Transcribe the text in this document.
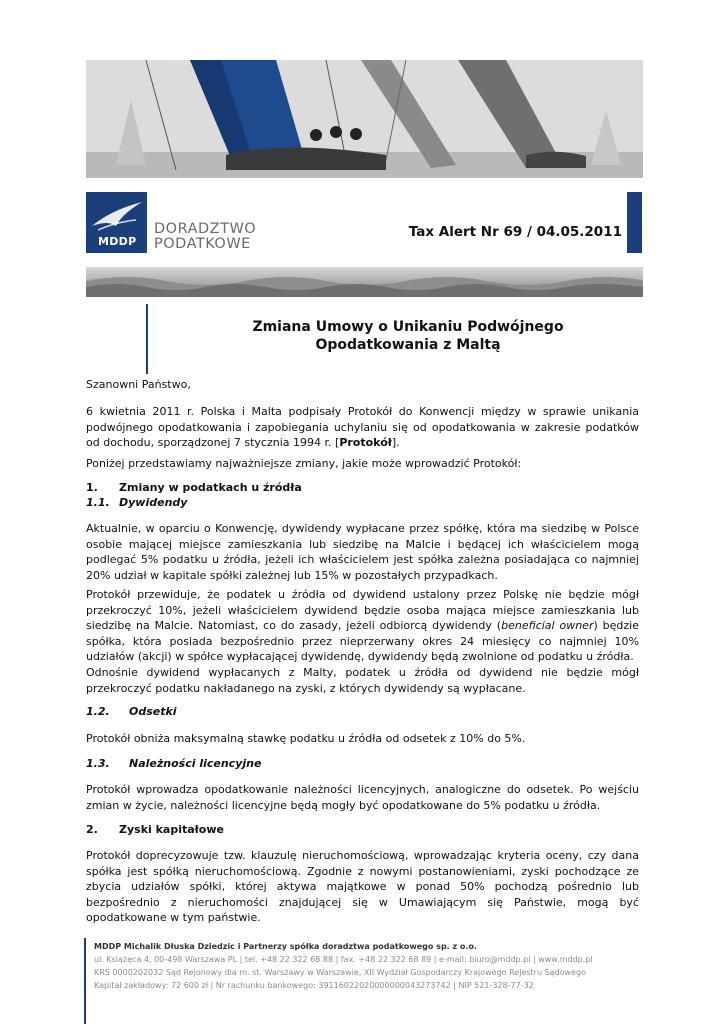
MDDP
DORADZTWO
PODATKOWE
Tax Alert Nr 69 / 04.05.2011
Zmiana Umowy o Unikaniu Podwójnego
Opodatkowania z Maltą
Szanowni Państwo,
6 kwietnia 2011 r. Polska i Malta podpisały Protokół do Konwencji między w sprawie unikania podwójnego opodatkowania i zapobiegania uchylaniu się od opodatkowania w zakresie podatków od dochodu, sporządzonej 7 stycznia 1994 r. [Protokół].
Poniżej przedstawiamy najważniejsze zmiany, jakie może wprowadzić Protokół:
1. Zmiany w podatkach u źródła
1.1. Dywidendy
Aktualnie, w oparciu o Konwencję, dywidendy wypłacane przez spółkę, która ma siedzibę w Polsce osobie mającej miejsce zamieszkania lub siedzibę na Malcie i będącej ich właścicielem mogą podlegać 5% podatku u źródła, jeżeli ich właścicielem jest spółka zależna posiadająca co najmniej 20% udział w kapitale spółki zależnej lub 15% w pozostałych przypadkach.
Protokół przewiduje, że podatek u źródła od dywidend ustalony przez Polskę nie będzie mógł przekroczyć 10%, jeżeli właścicielem dywidend będzie osoba mająca miejsce zamieszkania lub siedzibę na Malcie. Natomiast, co do zasady, jeżeli odbiorcą dywidendy (beneficial owner) będzie spółka, która posiada bezpośrednio przez nieprzerwany okres 24 miesięcy co najmniej 10% udziałów (akcji) w spółce wypłacającej dywidendę, dywidendy będą zwolnione od podatku u źródła.
Odnośnie dywidend wypłacanych z Malty, podatek u źródła od dywidend nie będzie mógł przekroczyć podatku nakładanego na zyski, z których dywidendy są wypłacane.
1.2. Odsetki
Protokół obniża maksymalną stawkę podatku u źródła od odsetek z 10% do 5%.
1.3. Należności licencyjne
Protokół wprowadza opodatkowanie należności licencyjnych, analogiczne do odsetek. Po wejściu zmian w życie, należności licencyjne będą mogły być opodatkowane do 5% podatku u źródła.
2. Zyski kapitałowe
Protokół doprecyzowuje tzw. klauzulę nieruchomościową, wprowadzając kryteria oceny, czy dana spółka jest spółką nieruchomościową. Zgodnie z nowymi postanowieniami, zyski pochodzące ze zbycia udziałów spółki, której aktywa majątkowe w ponad 50% pochodzą pośrednio lub bezpośrednio z nieruchomości znajdującej się w Umawiającym się Państwie, mogą być opodatkowane w tym państwie.
MDDP Michalik Dłuska Dziedzic i Partnerzy spółka doradztwa podatkowego sp. z o.o.
ul. Książęca 4, 00-498 Warszawa PL | tel. +48 22 322 68 88 | fax. +48 22 322 68 89 | e-mail: biuro@mddp.pl | www.mddp.pl
KRS 0000202032 Sąd Rejonowy dla m. st. Warszawy w Warszawie, XII Wydział Gospodarczy Krajowego Rejestru Sądowego
Kapitał zakładowy: 72 600 zł | Nr rachunku bankowego: 39116022020000000043273742 | NIP 521-328-77-32
